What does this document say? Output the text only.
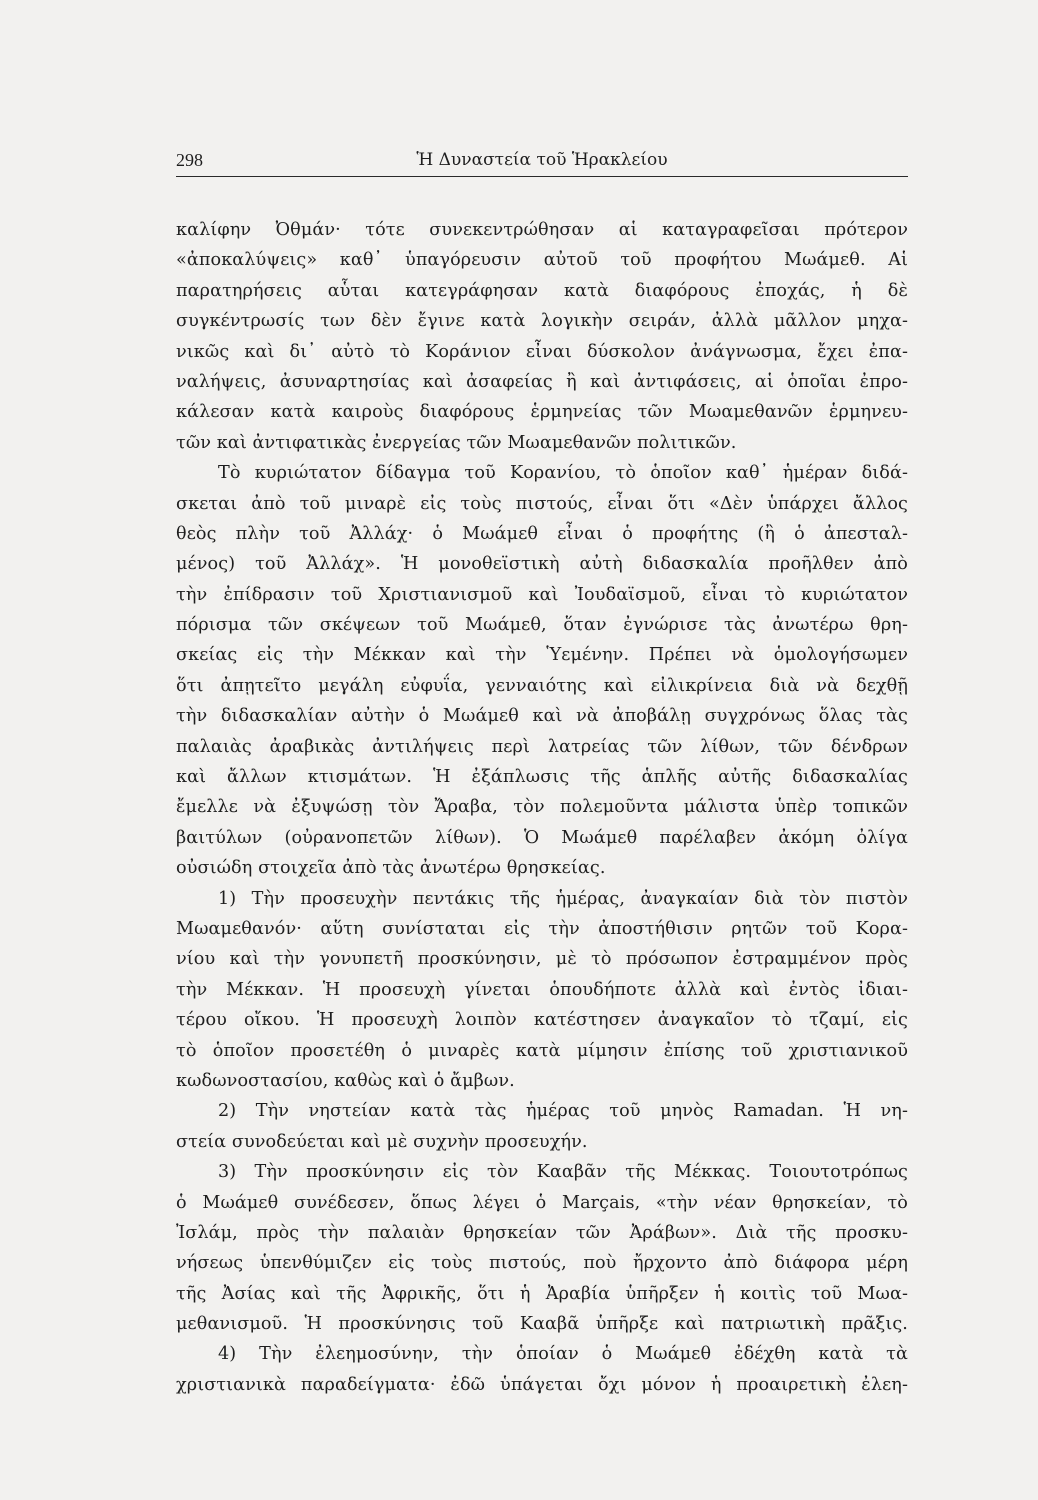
298	Ἡ Δυναστεία τοῦ Ἡρακλείου
καλίφην Ὀθμάν· τότε συνεκεντρώθησαν αἱ καταγραφεῖσαι πρότερον
«ἀποκαλύψεις» καθ᾿ ὑπαγόρευσιν αὐτοῦ τοῦ προφήτου Μωάμεθ. Αἱ
παρατηρήσεις αὗται κατεγράφησαν κατὰ διαφόρους ἐποχάς, ἡ δὲ
συγκέντρωσίς των δὲν ἔγινε κατὰ λογικὴν σειράν, ἀλλὰ μᾶλλον μηχα-
νικῶς καὶ δι᾿ αὐτὸ τὸ Κοράνιον εἶναι δύσκολον ἀνάγνωσμα, ἔχει ἐπα-
ναλήψεις, ἀσυναρτησίας καὶ ἀσαφείας ἢ καὶ ἀντιφάσεις, αἱ ὁποῖαι ἐπρο-
κάλεσαν κατὰ καιροὺς διαφόρους ἑρμηνείας τῶν Μωαμεθανῶν ἑρμηνευ-
τῶν καὶ ἀντιφατικὰς ἐνεργείας τῶν Μωαμεθανῶν πολιτικῶν.
Τὸ κυριώτατον δίδαγμα τοῦ Κορανίου, τὸ ὁποῖον καθ᾿ ἡμέραν διδά-
σκεται ἀπὸ τοῦ μιναρὲ εἰς τοὺς πιστούς, εἶναι ὅτι «Δὲν ὑπάρχει ἄλλος
θεὸς πλὴν τοῦ Ἀλλάχ· ὁ Μωάμεθ εἶναι ὁ προφήτης (ἢ ὁ ἀπεσταλ-
μένος) τοῦ Ἀλλάχ». Ἡ μονοθεϊστικὴ αὐτὴ διδασκαλία προῆλθεν ἀπὸ
τὴν ἐπίδρασιν τοῦ Χριστιανισμοῦ καὶ Ἰουδαϊσμοῦ, εἶναι τὸ κυριώτατον
πόρισμα τῶν σκέψεων τοῦ Μωάμεθ, ὅταν ἐγνώρισε τὰς ἀνωτέρω θρη-
σκείας εἰς τὴν Μέκκαν καὶ τὴν Ὑεμένην. Πρέπει νὰ ὁμολογήσωμεν
ὅτι ἀπῃτεῖτο μεγάλη εὐφυΐα, γενναιότης καὶ εἰλικρίνεια διὰ νὰ δεχθῇ
τὴν διδασκαλίαν αὐτὴν ὁ Μωάμεθ καὶ νὰ ἀποβάλῃ συγχρόνως ὅλας τὰς
παλαιὰς ἀραβικὰς ἀντιλήψεις περὶ λατρείας τῶν λίθων, τῶν δένδρων
καὶ ἄλλων κτισμάτων. Ἡ ἐξάπλωσις τῆς ἁπλῆς αὐτῆς διδασκαλίας
ἔμελλε νὰ ἐξυψώσῃ τὸν Ἄραβα, τὸν πολεμοῦντα μάλιστα ὑπὲρ τοπικῶν
βαιτύλων (οὐρανοπετῶν λίθων). Ὁ Μωάμεθ παρέλαβεν ἀκόμη ὀλίγα
οὐσιώδη στοιχεῖα ἀπὸ τὰς ἀνωτέρω θρησκείας.
1) Τὴν προσευχὴν πεντάκις τῆς ἡμέρας, ἀναγκαίαν διὰ τὸν πιστὸν
Μωαμεθανόν· αὕτη συνίσταται εἰς τὴν ἀποστήθισιν ρητῶν τοῦ Κορα-
νίου καὶ τὴν γονυπετῆ προσκύνησιν, μὲ τὸ πρόσωπον ἐστραμμένον πρὸς
τὴν Μέκκαν. Ἡ προσευχὴ γίνεται ὁπουδήποτε ἀλλὰ καὶ ἐντὸς ἰδιαι-
τέρου οἴκου. Ἡ προσευχὴ λοιπὸν κατέστησεν ἀναγκαῖον τὸ τζαμί, εἰς
τὸ ὁποῖον προσετέθη ὁ μιναρὲς κατὰ μίμησιν ἐπίσης τοῦ χριστιανικοῦ
κωδωνοστασίου, καθὼς καὶ ὁ ἄμβων.
2) Τὴν νηστείαν κατὰ τὰς ἡμέρας τοῦ μηνὸς Ramadan. Ἡ νη-
στεία συνοδεύεται καὶ μὲ συχνὴν προσευχήν.
3) Τὴν προσκύνησιν εἰς τὸν Κααβᾶν τῆς Μέκκας. Τοιουτοτρόπως
ὁ Μωάμεθ συνέδεσεν, ὅπως λέγει ὁ Marçais, «τὴν νέαν θρησκείαν, τὸ
Ἰσλάμ, πρὸς τὴν παλαιὰν θρησκείαν τῶν Ἀράβων». Διὰ τῆς προσκυ-
νήσεως ὑπενθύμιζεν εἰς τοὺς πιστούς, ποὺ ἤρχοντο ἀπὸ διάφορα μέρη
τῆς Ἀσίας καὶ τῆς Ἀφρικῆς, ὅτι ἡ Ἀραβία ὑπῆρξεν ἡ κοιτὶς τοῦ Μωα-
μεθανισμοῦ. Ἡ προσκύνησις τοῦ Κααβᾶ ὑπῆρξε καὶ πατριωτικὴ πρᾶξις.
4) Τὴν ἐλεημοσύνην, τὴν ὁποίαν ὁ Μωάμεθ ἐδέχθη κατὰ τὰ
χριστιανικὰ παραδείγματα· ἐδῶ ὑπάγεται ὄχι μόνον ἡ προαιρετικὴ ἐλεη-
